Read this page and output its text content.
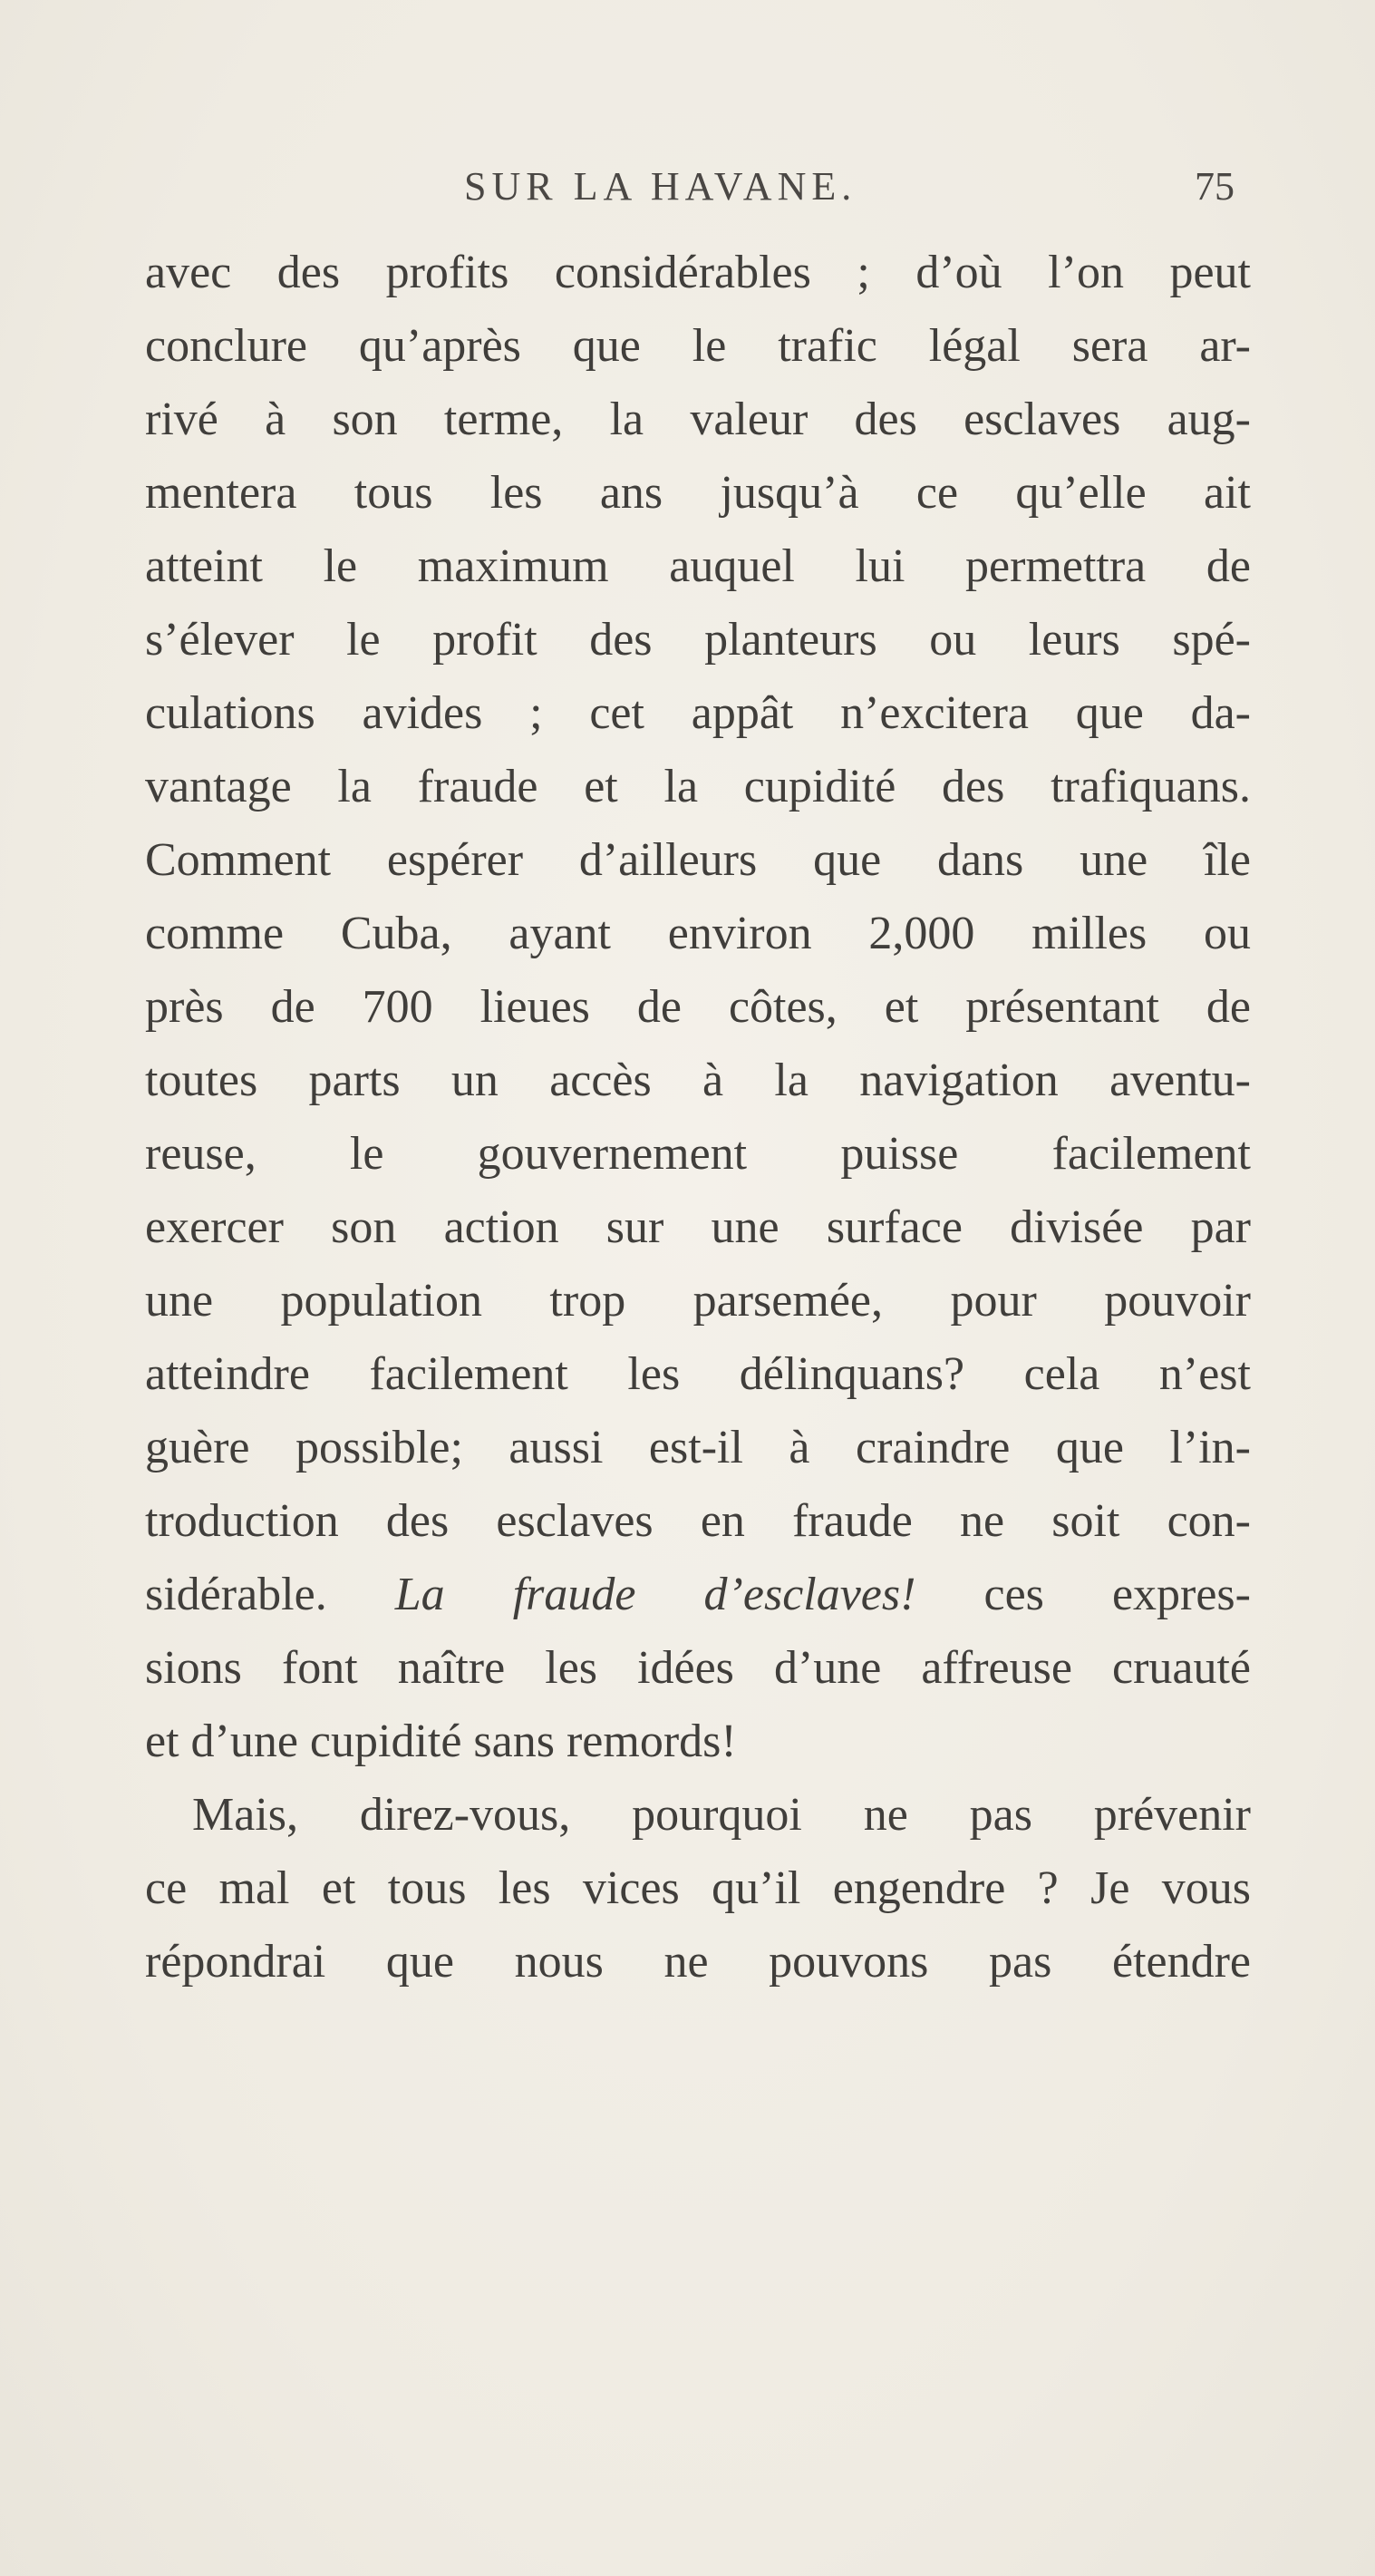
SUR LA HAVANE.	75
avec des profits considérables ; d’où l’on peut
conclure qu’après que le trafic légal sera ar-
rivé à son terme, la valeur des esclaves aug-
mentera tous les ans jusqu’à ce qu’elle ait
atteint le maximum auquel lui permettra de
s’élever le profit des planteurs ou leurs spé-
culations avides ; cet appât n’excitera que da-
vantage la fraude et la cupidité des trafiquans.
Comment espérer d’ailleurs que dans une île
comme Cuba, ayant environ 2,000 milles ou
près de 700 lieues de côtes, et présentant de
toutes parts un accès à la navigation aventu-
reuse, le gouvernement puisse facilement
exercer son action sur une surface divisée par
une population trop parsemée, pour pouvoir
atteindre facilement les délinquans? cela n’est
guère possible; aussi est-il à craindre que l’in-
troduction des esclaves en fraude ne soit con-
sidérable. La fraude d’esclaves! ces expres-
sions font naître les idées d’une affreuse cruauté
et d’une cupidité sans remords!
Mais, direz-vous, pourquoi ne pas prévenir
ce mal et tous les vices qu’il engendre ? Je vous
répondrai que nous ne pouvons pas étendre
